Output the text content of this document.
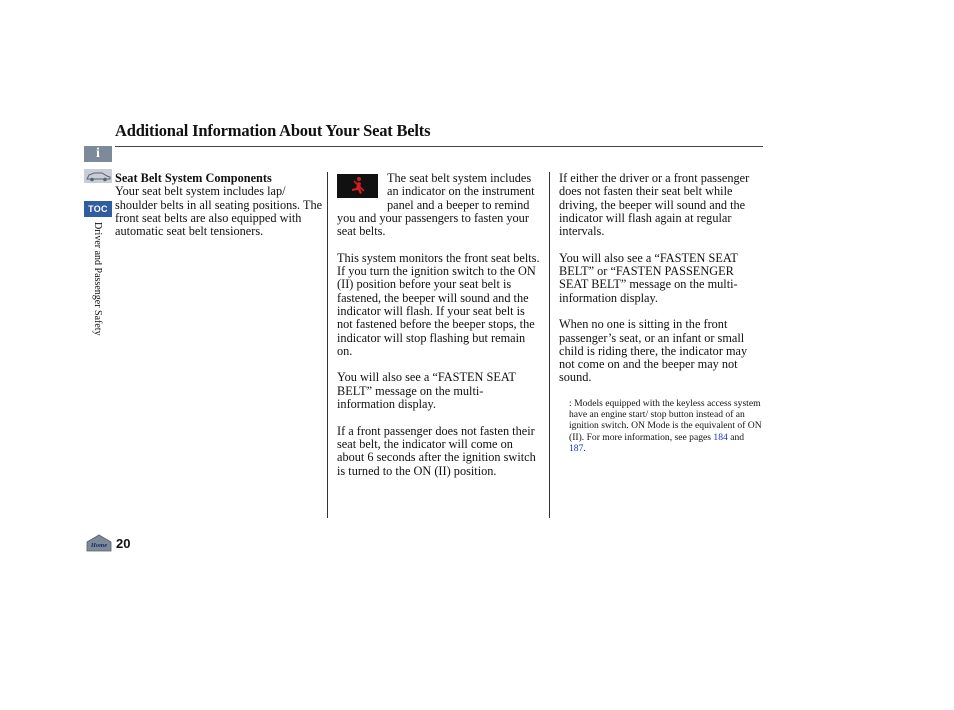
Additional Information About Your Seat Belts
i
TOC
Driver and Passenger Safety
Seat Belt System Components

Your seat belt system includes lap/ shoulder belts in all seating positions. The front seat belts are also equipped with automatic seat belt tensioners.

The seat belt system includes an indicator on the instrument panel and a beeper to remind you and your passengers to fasten your seat belts.

This system monitors the front seat belts. If you turn the ignition switch to the ON (II) position before your seat belt is fastened, the beeper will sound and the indicator will flash. If your seat belt is not fastened before the beeper stops, the indicator will stop flashing but remain on.

You will also see a “FASTEN SEAT BELT” message on the multi-information display.

If a front passenger does not fasten their seat belt, the indicator will come on about 6 seconds after the ignition switch is turned to the ON (II) position.

If either the driver or a front passenger does not fasten their seat belt while driving, the beeper will sound and the indicator will flash again at regular intervals.

You will also see a “FASTEN SEAT BELT” or “FASTEN PASSENGER SEAT BELT” message on the multi-information display.

When no one is sitting in the front passenger’s seat, or an infant or small child is riding there, the indicator may not come on and the beeper may not sound.

: Models equipped with the keyless access system have an engine start/ stop button instead of an ignition switch. ON Mode is the equivalent of ON (II). For more information, see pages 184 and 187.
Home 20
